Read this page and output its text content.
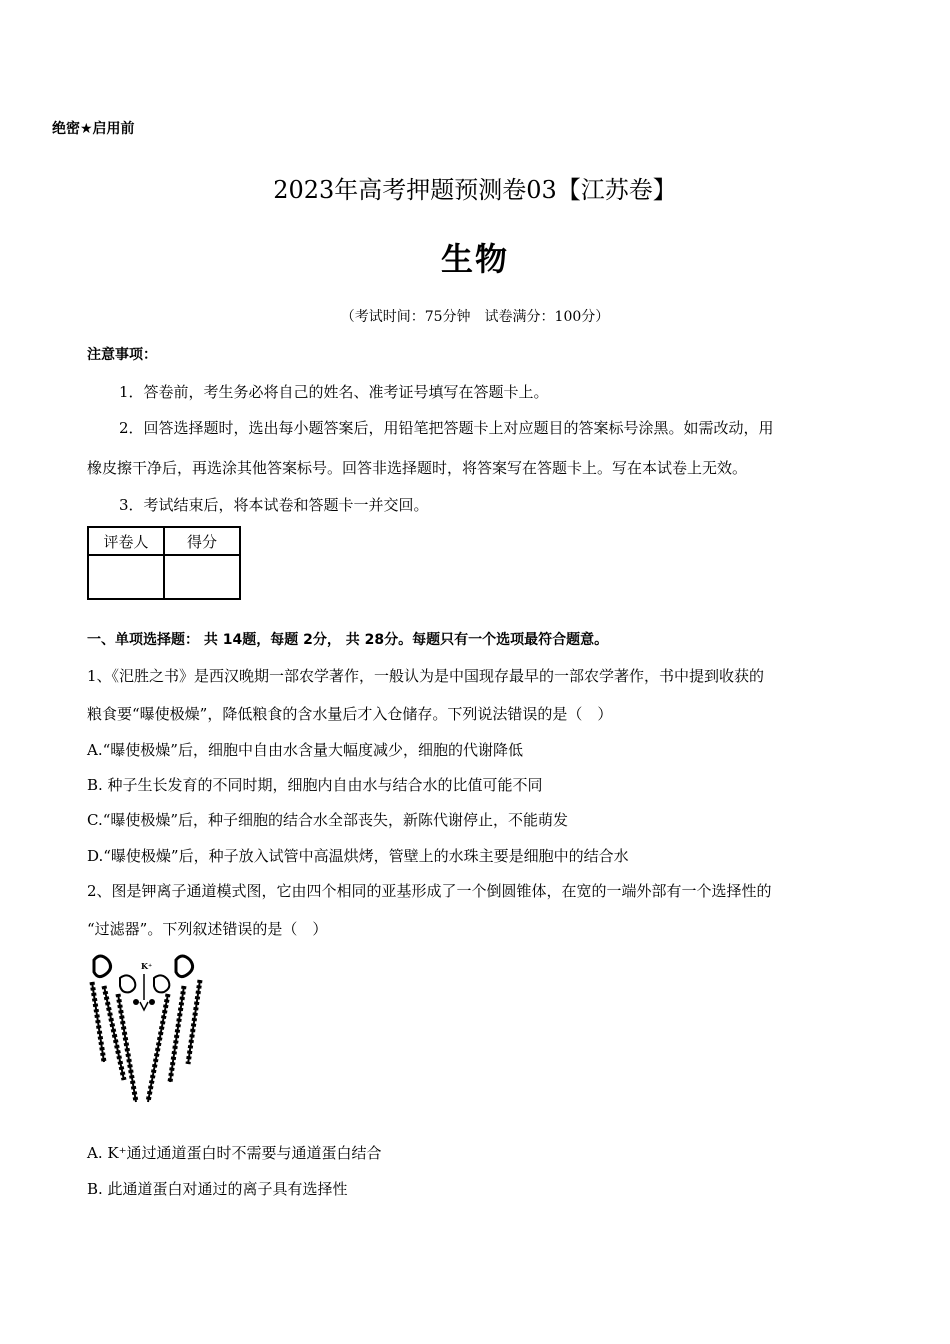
绝密★启用前
2023年高考押题预测卷03【江苏卷】
生物
（考试时间：75分钟　试卷满分：100分）
注意事项：
1．答卷前，考生务必将自己的姓名、准考证号填写在答题卡上。
2．回答选择题时，选出每小题答案后，用铅笔把答题卡上对应题目的答案标号涂黑。如需改动，用
橡皮擦干净后，再选涂其他答案标号。回答非选择题时，将答案写在答题卡上。写在本试卷上无效。
3．考试结束后，将本试卷和答题卡一并交回。
评卷人	得分

一、单项选择题： 共 14题，每题 2分， 共 28分。每题只有一个选项最符合题意。
1、《汜胜之书》是西汉晚期一部农学著作，一般认为是中国现存最早的一部农学著作，书中提到收获的
粮食要“曝使极燥”，降低粮食的含水量后才入仓储存。下列说法错误的是（　）
A.“曝使极燥”后，细胞中自由水含量大幅度减少，细胞的代谢降低
B. 种子生长发育的不同时期，细胞内自由水与结合水的比值可能不同
C.“曝使极燥”后，种子细胞的结合水全部丧失，新陈代谢停止，不能萌发
D.“曝使极燥”后，种子放入试管中高温烘烤，管壁上的水珠主要是细胞中的结合水
2、图是钾离子通道模式图，它由四个相同的亚基形成了一个倒圆锥体，在宽的一端外部有一个选择性的
“过滤器”。下列叙述错误的是（　）
K⁺
A. K⁺通过通道蛋白时不需要与通道蛋白结合
B. 此通道蛋白对通过的离子具有选择性
